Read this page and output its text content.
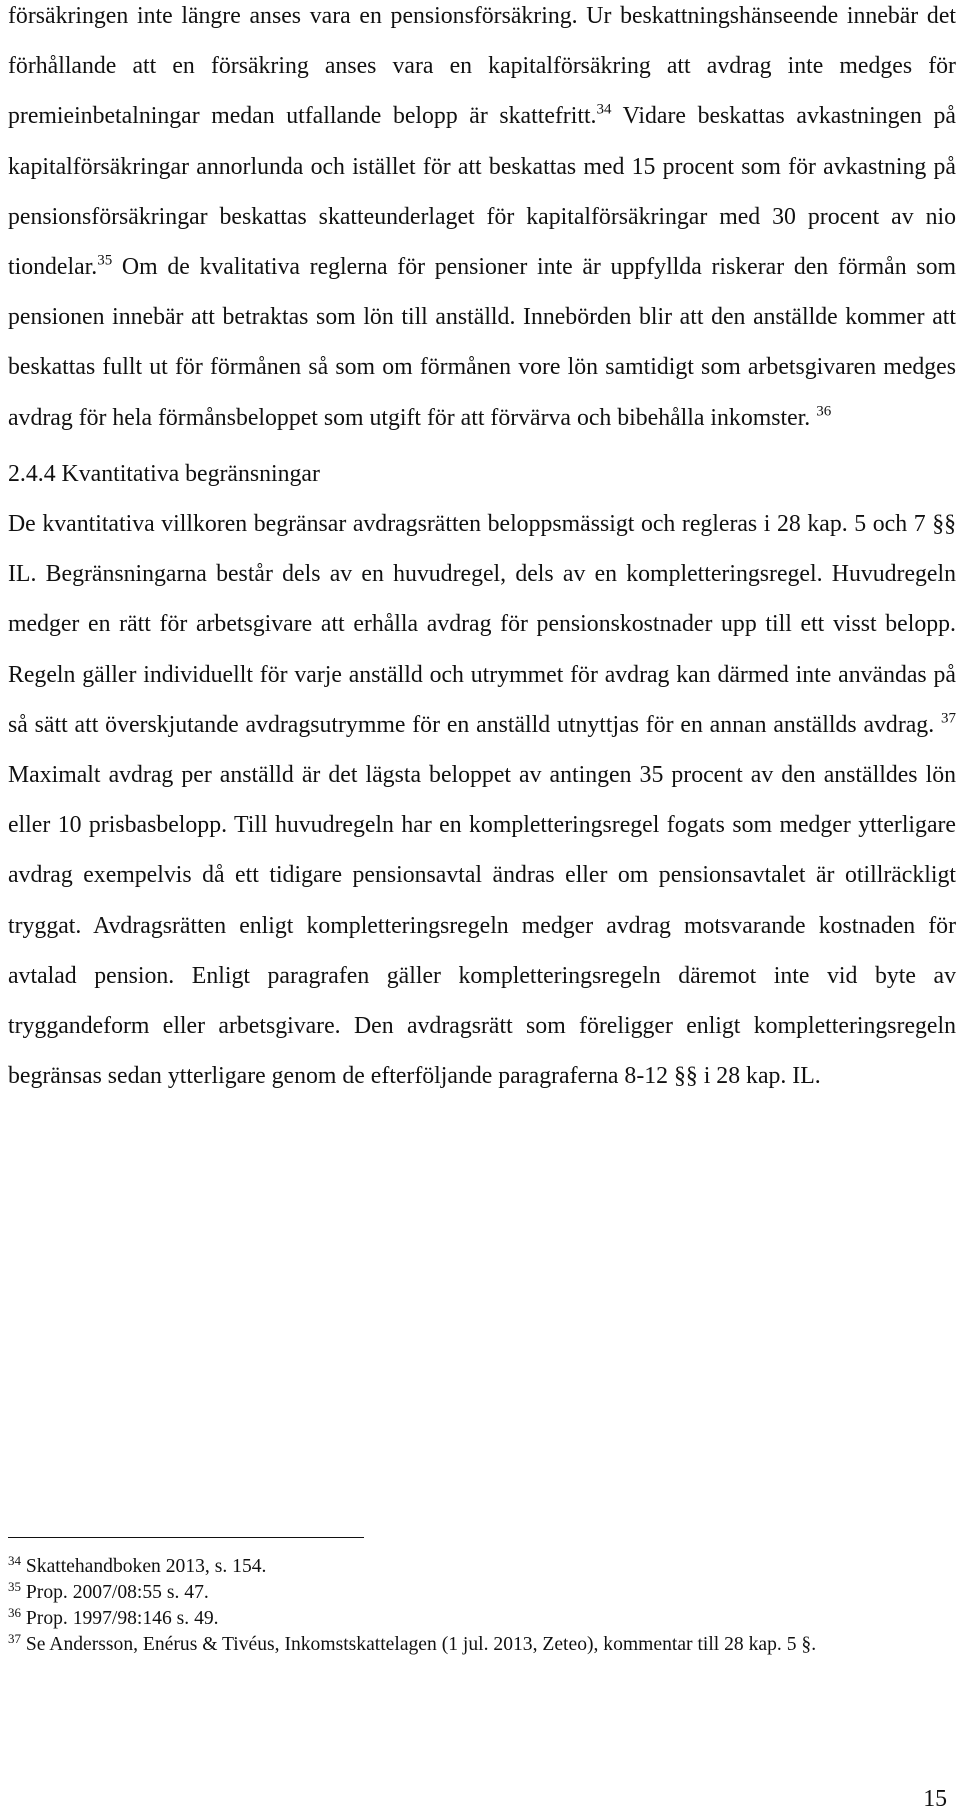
försäkringen inte längre anses vara en pensionsförsäkring. Ur beskattningshänseende innebär det förhållande att en försäkring anses vara en kapitalförsäkring att avdrag inte medges för premieinbetalningar medan utfallande belopp är skattefritt.$^{34}$ Vidare beskattas avkastningen på kapitalförsäkringar annorlunda och istället för att beskattas med 15 procent som för avkastning på pensionsförsäkringar beskattas skatteunderlaget för kapitalförsäkringar med 30 procent av nio tiondelar.$^{35}$ Om de kvalitativa reglerna för pensioner inte är uppfyllda riskerar den förmån som pensionen innebär att betraktas som lön till anställd. Innebörden blir att den anställde kommer att beskattas fullt ut för förmånen så som om förmånen vore lön samtidigt som arbetsgivaren medges avdrag för hela förmånsbeloppet som utgift för att förvärva och bibehålla inkomster. $^{36}$

2.4.4 Kvantitativa begränsningar

De kvantitativa villkoren begränsar avdragsrätten beloppsmässigt och regleras i 28 kap. 5 och 7 §§ IL. Begränsningarna består dels av en huvudregel, dels av en kompletteringsregel. Huvudregeln medger en rätt för arbetsgivare att erhålla avdrag för pensionskostnader upp till ett visst belopp. Regeln gäller individuellt för varje anställd och utrymmet för avdrag kan därmed inte användas på så sätt att överskjutande avdragsutrymme för en anställd utnyttjas för en annan anställds avdrag. $^{37}$ Maximalt avdrag per anställd är det lägsta beloppet av antingen 35 procent av den anställdes lön eller 10 prisbasbelopp. Till huvudregeln har en kompletteringsregel fogats som medger ytterligare avdrag exempelvis då ett tidigare pensionsavtal ändras eller om pensionsavtalet är otillräckligt tryggat. Avdragsrätten enligt kompletteringsregeln medger avdrag motsvarande kostnaden för avtalad pension. Enligt paragrafen gäller kompletteringsregeln däremot inte vid byte av tryggandeform eller arbetsgivare. Den avdragsrätt som föreligger enligt kompletteringsregeln begränsas sedan ytterligare genom de efterföljande paragraferna 8-12 §§ i 28 kap. IL.

$^{34}$ Skattehandboken 2013, s. 154.

$^{35}$ Prop. 2007/08:55 s. 47.

$^{36}$ Prop. 1997/98:146 s. 49.

$^{37}$ Se Andersson, Enérus & Tivéus, Inkomstskattelagen (1 jul. 2013, Zeteo), kommentar till 28 kap. 5 §.

15
